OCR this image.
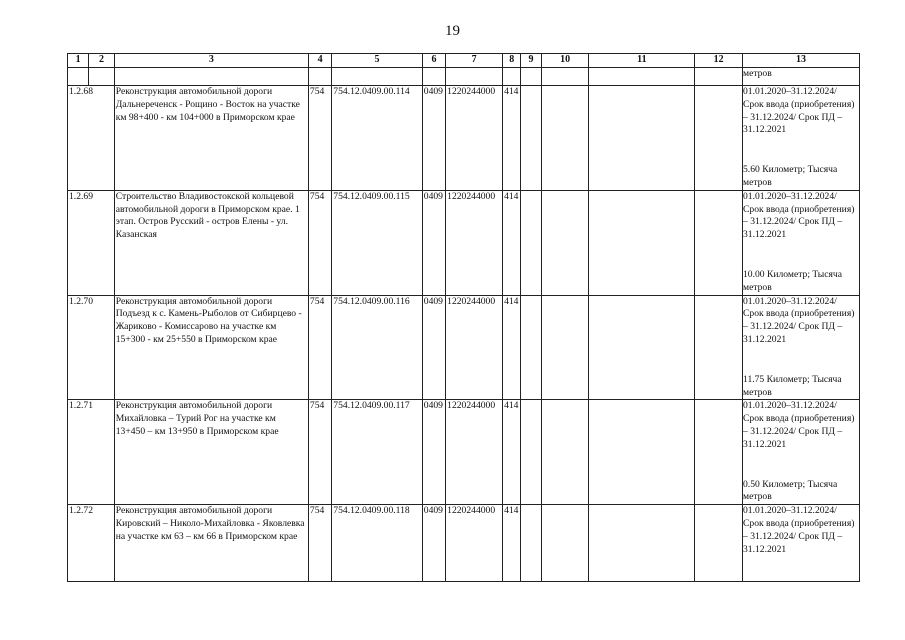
19
1	2	3	4	5	6	7	8	9	10	11	12	13
												метров
1.2.68		Реконструкция автомобильной дороги Дальнереченск - Рощино - Восток на участке км 98+400 - км 104+000 в Приморском крае	754	754.12.0409.00.114	0409	1220244000	414					01.01.2020–31.12.2024/ Срок ввода (приобретения) – 31.12.2024/ Срок ПД – 31.12.2021
5.60 Километр; Тысяча метров
1.2.69		Строительство Владивостокской кольцевой автомобильной дороги в Приморском крае. 1 этап. Остров Русский - остров Елены - ул. Казанская	754	754.12.0409.00.115	0409	1220244000	414					01.01.2020–31.12.2024/ Срок ввода (приобретения) – 31.12.2024/ Срок ПД – 31.12.2021
10.00 Километр; Тысяча метров
1.2.70		Реконструкция автомобильной дороги Подъезд к с. Камень-Рыболов от Сибирцево - Жариково - Комиссарово на участке км 15+300 - км 25+550 в Приморском крае	754	754.12.0409.00.116	0409	1220244000	414					01.01.2020–31.12.2024/ Срок ввода (приобретения) – 31.12.2024/ Срок ПД – 31.12.2021
11.75 Километр; Тысяча метров
1.2.71		Реконструкция автомобильной дороги Михайловка – Турий Рог на участке км 13+450 – км 13+950 в Приморском крае	754	754.12.0409.00.117	0409	1220244000	414					01.01.2020–31.12.2024/ Срок ввода (приобретения) – 31.12.2024/ Срок ПД – 31.12.2021
0.50 Километр; Тысяча метров
1.2.72		Реконструкция автомобильной дороги Кировский – Николо-Михайловка - Яковлевка на участке км 63 – км 66 в Приморском крае	754	754.12.0409.00.118	0409	1220244000	414					01.01.2020–31.12.2024/ Срок ввода (приобретения) – 31.12.2024/ Срок ПД – 31.12.2021
